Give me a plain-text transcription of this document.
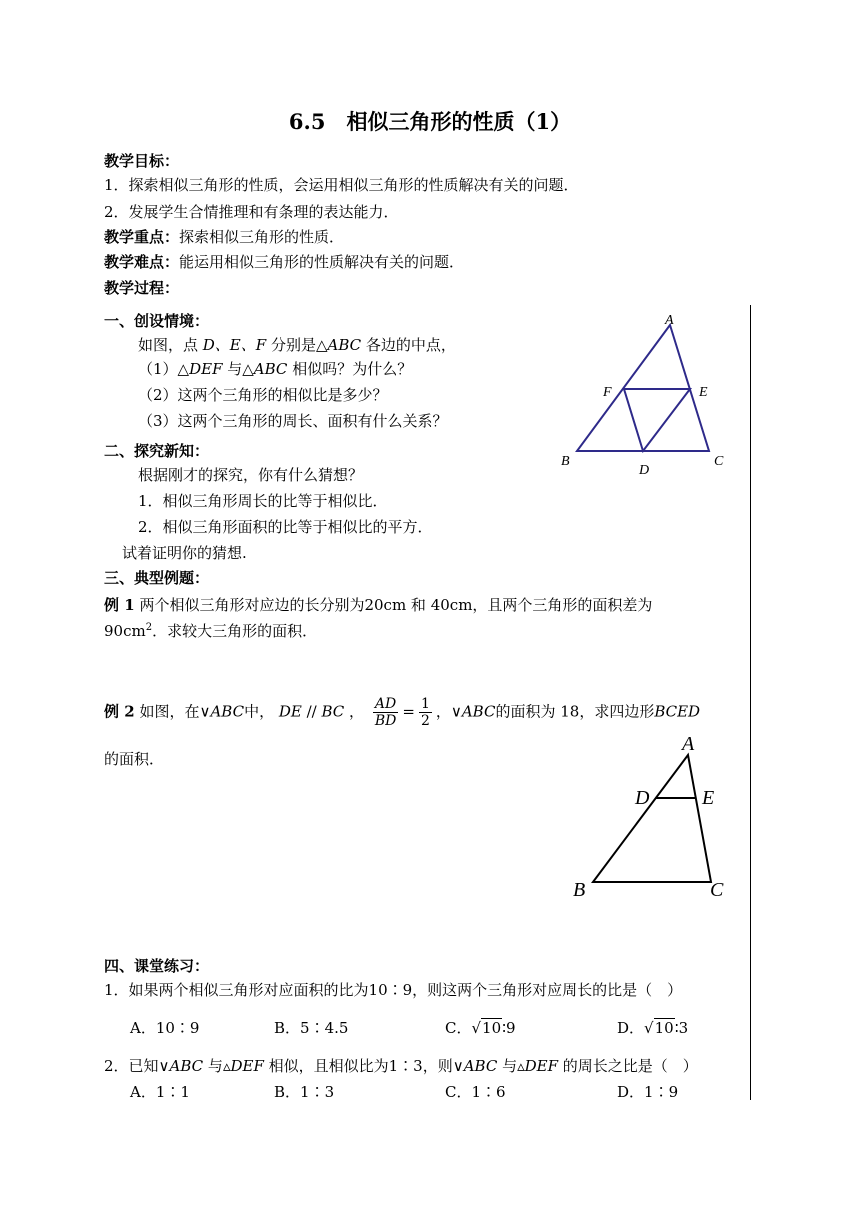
6.5　相似三角形的性质（1）
教学目标：
1．探索相似三角形的性质，会运用相似三角形的性质解决有关的问题．
2．发展学生合情推理和有条理的表达能力．
教学重点：探索相似三角形的性质．
教学难点：能运用相似三角形的性质解决有关的问题．
教学过程：
一、创设情境：
如图，点 D、E、F 分别是△ABC 各边的中点，
（1）△DEF 与△ABC 相似吗？为什么？
（2）这两个三角形的相似比是多少？
（3）这两个三角形的周长、面积有什么关系？
A
F	E
B
D
C
二、探究新知：
根据刚才的探究，你有什么猜想？
1．相似三角形周长的比等于相似比．
2．相似三角形面积的比等于相似比的平方．
试着证明你的猜想.
三、典型例题：
例 1 两个相似三角形对应边的长分别为20cm 和 40cm，且两个三角形的面积差为
$90cm^2$．求较大三角形的面积．
例 2 如图，在∨ABC中， DE // BC ， $\frac{AD}{BD} = \frac{1}{2}$ ，∨ABC的面积为 18，求四边形BCED
的面积．
A
D	E
B	C
四、课堂练习：
1．如果两个相似三角形对应面积的比为10∶9，则这两个三角形对应周长的比是（　）
A．10∶9	B．5∶4.5	C．√10∶9	D．√10∶3
2．已知∨ABC 与▵DEF 相似，且相似比为1∶3，则∨ABC 与▵DEF 的周长之比是（　）
A．1∶1	B．1∶3	C．1∶6	D．1∶9
